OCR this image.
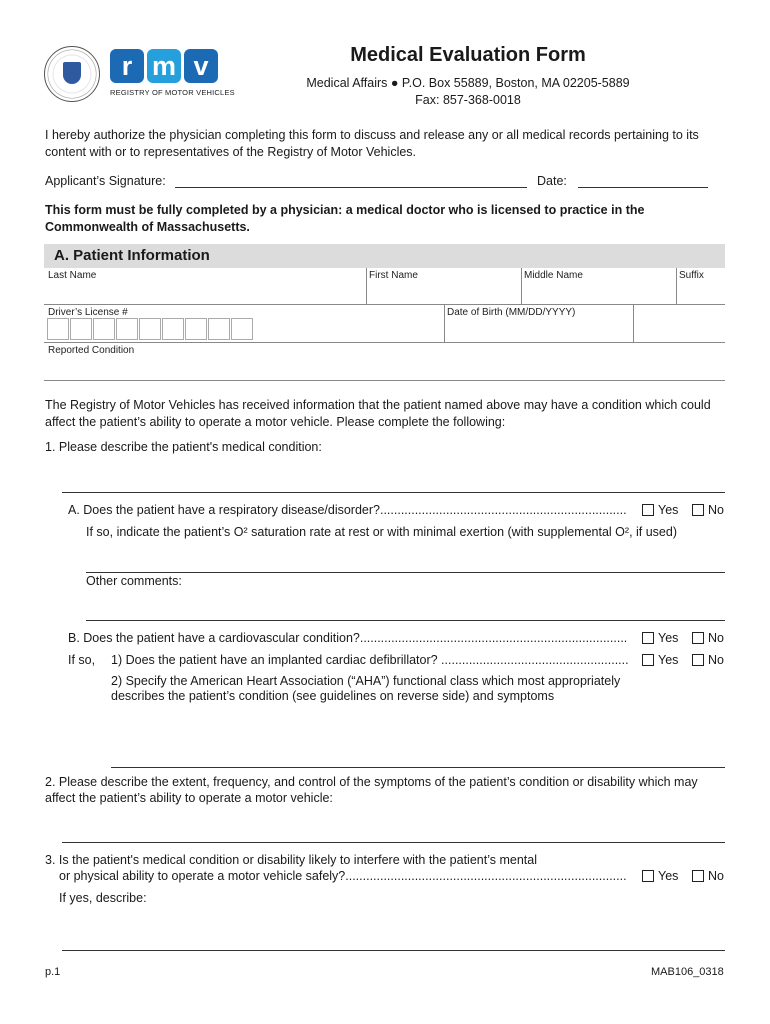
r m v
REGISTRY OF MOTOR VEHICLES
Medical Evaluation Form
Medical Affairs ● P.O. Box 55889, Boston, MA 02205-5889
Fax: 857-368-0018
I hereby authorize the physician completing this form to discuss and release any or all medical records pertaining to its content with or to representatives of the Registry of Motor Vehicles.
Applicant’s Signature:	Date:
This form must be fully completed by a physician: a medical doctor who is licensed to practice in the Commonwealth of Massachusetts.
A. Patient Information
Last Name	First Name	Middle Name	Suffix
Driver’s License #	Date of Birth (MM/DD/YYYY)
Reported Condition
The Registry of Motor Vehicles has received information that the patient named above may have a condition which could affect the patient’s ability to operate a motor vehicle. Please complete the following:
1. Please describe the patient's medical condition:
A. Does the patient have a respiratory disease/disorder?.......................................................................	Yes No
If so, indicate the patient’s O² saturation rate at rest or with minimal exertion (with supplemental O², if used)
Other comments:
B. Does the patient have a cardiovascular condition?............................................................................. Yes No
If so, 1) Does the patient have an implanted cardiac defibrillator? ...................................................... Yes No
2) Specify the American Heart Association (“AHA”) functional class which most appropriately describes the patient’s condition (see guidelines on reverse side) and symptoms
2. Please describe the extent, frequency, and control of the symptoms of the patient’s condition or disability which may affect the patient’s ability to operate a motor vehicle:
3. Is the patient's medical condition or disability likely to interfere with the patient’s mental
or physical ability to operate a motor vehicle safely?.................................................................................	Yes No
If yes, describe:
p.1	MAB106_0318
